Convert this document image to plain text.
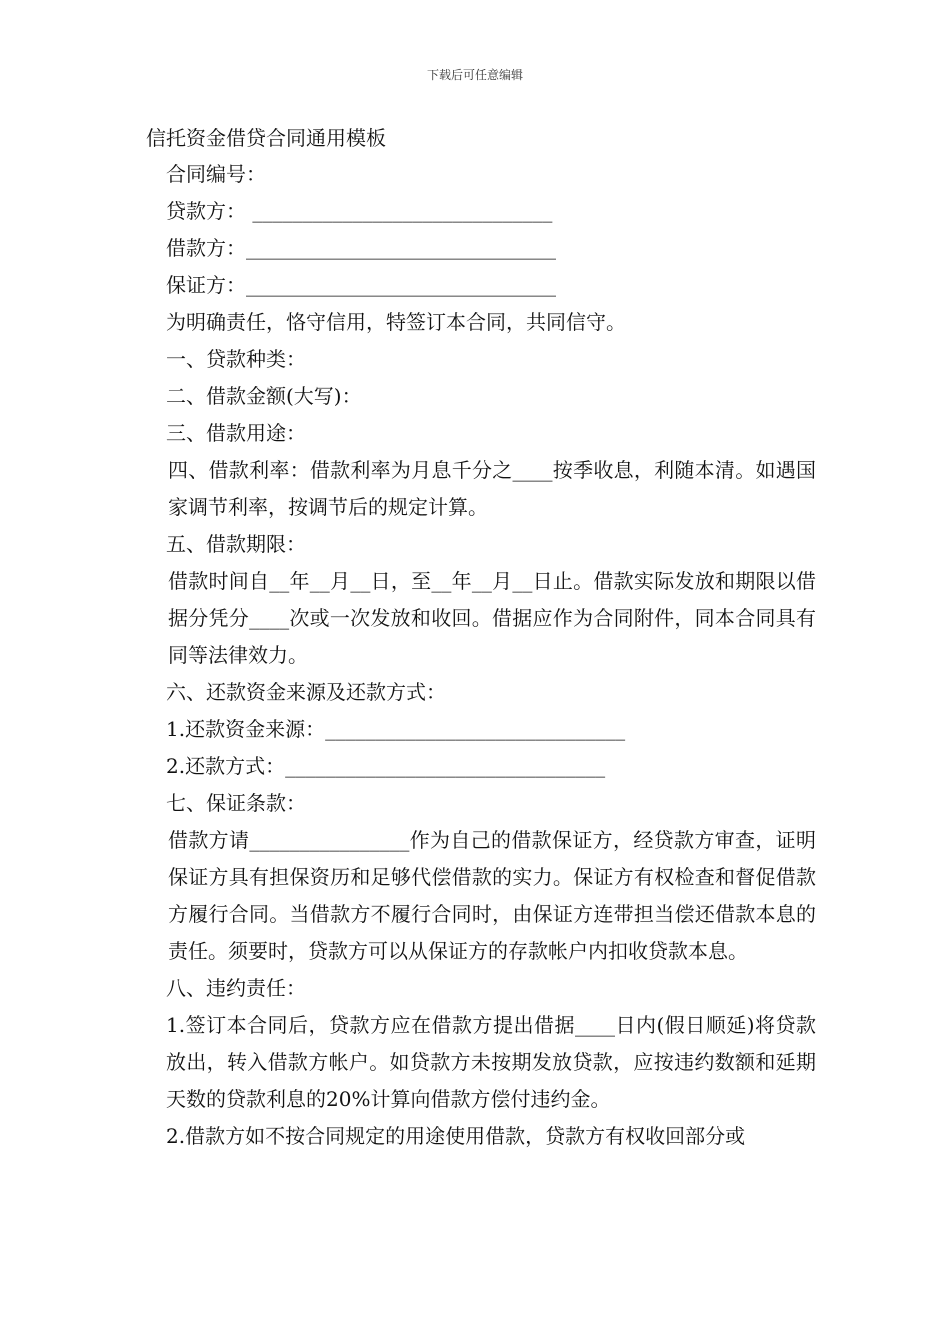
下载后可任意编辑
信托资金借贷合同通用模板

合同编号：

贷款方： ______________________________

借款方：_______________________________

保证方：_______________________________

为明确责任，恪守信用，特签订本合同，共同信守。

一、贷款种类：

二、借款金额(大写)：

三、借款用途：

四、借款利率：借款利率为月息千分之____按季收息，利随本清。如遇国家调节利率，按调节后的规定计算。

五、借款期限：

借款时间自__年__月__日，至__年__月__日止。借款实际发放和期限以借据分凭分____次或一次发放和收回。借据应作为合同附件，同本合同具有同等法律效力。

六、还款资金来源及还款方式：

1.还款资金来源：______________________________

2.还款方式：________________________________

七、保证条款：

借款方请________________作为自己的借款保证方，经贷款方审查，证明保证方具有担保资历和足够代偿借款的实力。保证方有权检查和督促借款方履行合同。当借款方不履行合同时，由保证方连带担当偿还借款本息的责任。须要时，贷款方可以从保证方的存款帐户内扣收贷款本息。

八、违约责任：

1.签订本合同后，贷款方应在借款方提出借据____日内(假日顺延)将贷款放出，转入借款方帐户。如贷款方未按期发放贷款，应按违约数额和延期天数的贷款利息的20%计算向借款方偿付违约金。

2.借款方如不按合同规定的用途使用借款，贷款方有权收回部分或
